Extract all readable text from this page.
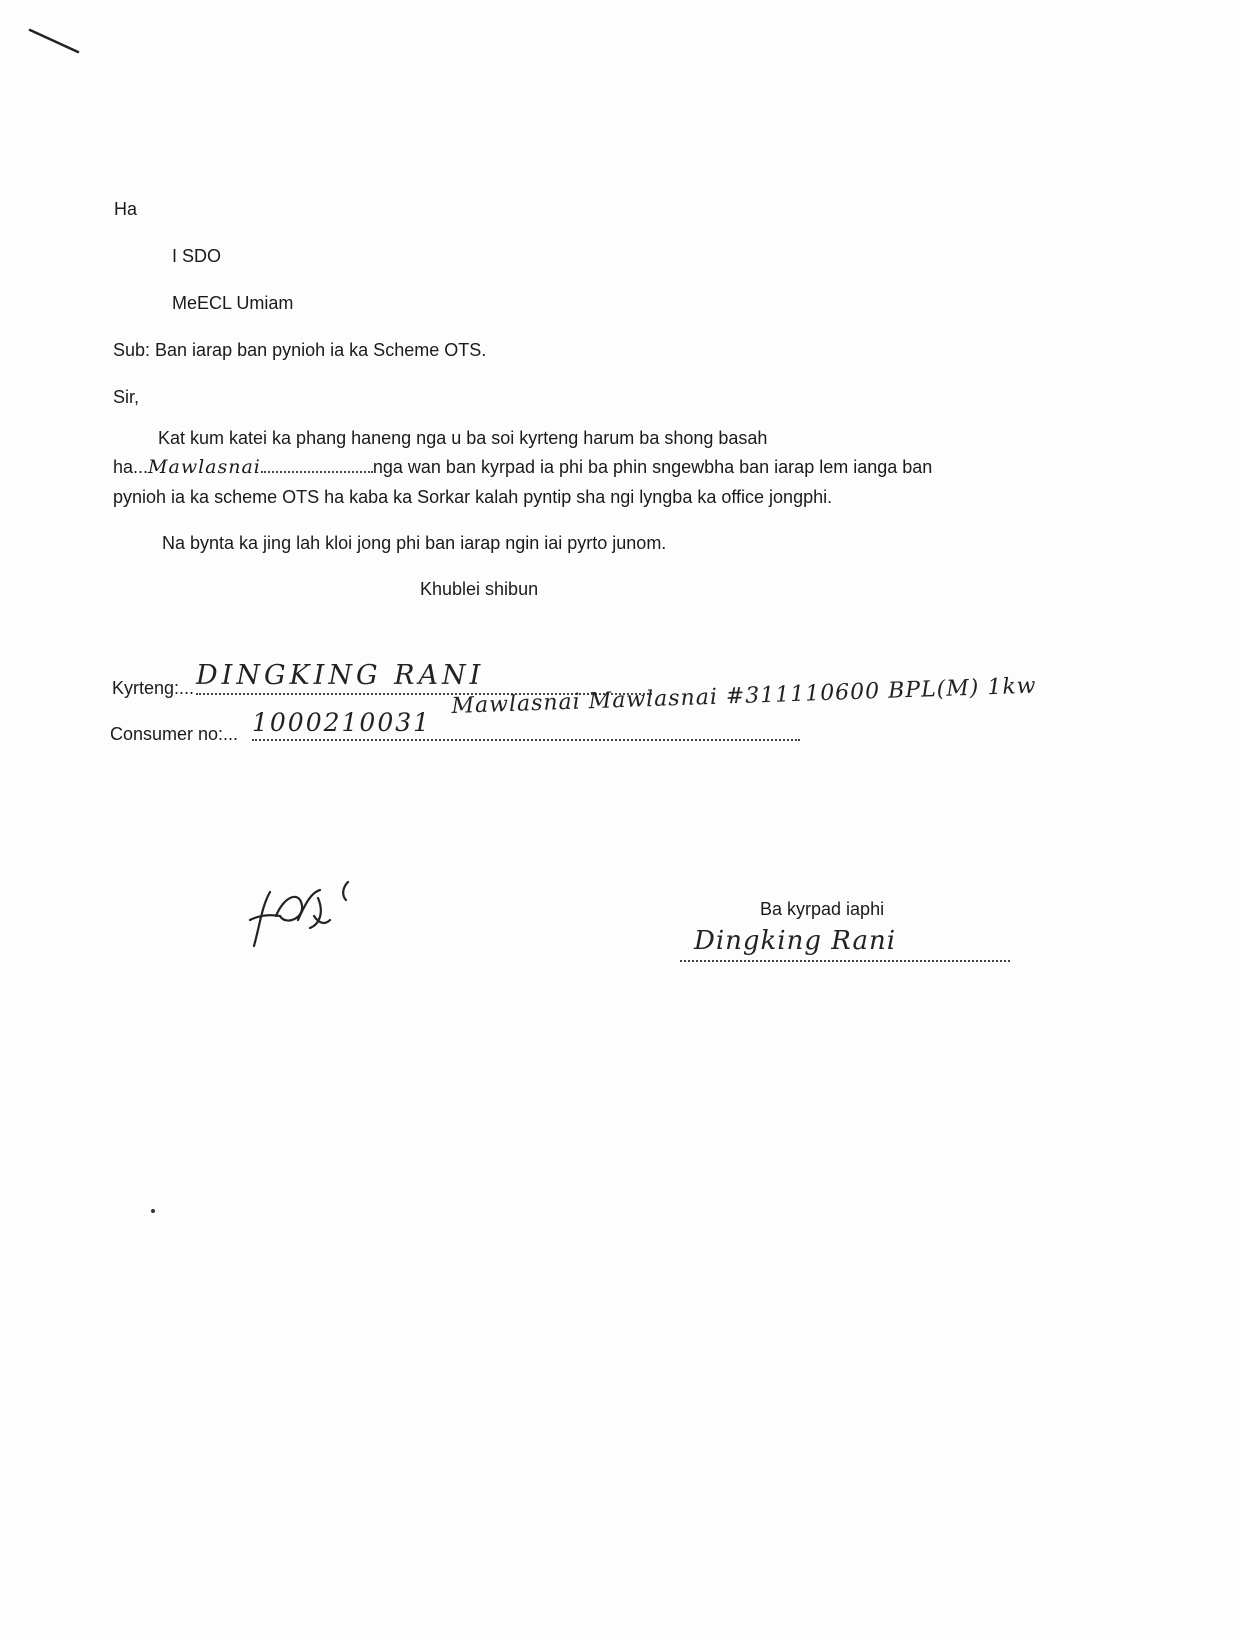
Ha
I SDO
MeECL Umiam
Sub: Ban iarap ban pynioh ia ka Scheme OTS.
Sir,
Kat kum katei ka phang haneng nga u ba soi kyrteng harum ba shong basah
ha...Mawlasnai	nga wan ban kyrpad ia phi ba phin sngewbha ban iarap lem ianga ban
pynioh ia ka scheme OTS ha kaba ka Sorkar kalah pyntip sha ngi lyngba ka office jongphi.
Na bynta ka jing lah kloi jong phi ban iarap ngin iai pyrto junom.
Khublei shibun
Kyrteng:... DINGKING RANI
Consumer no:... 1000210031
Mawlasnai Mawlasnai #311110600 BPL(M) 1kw
Ba kyrpad iaphi
Dingking Rani
